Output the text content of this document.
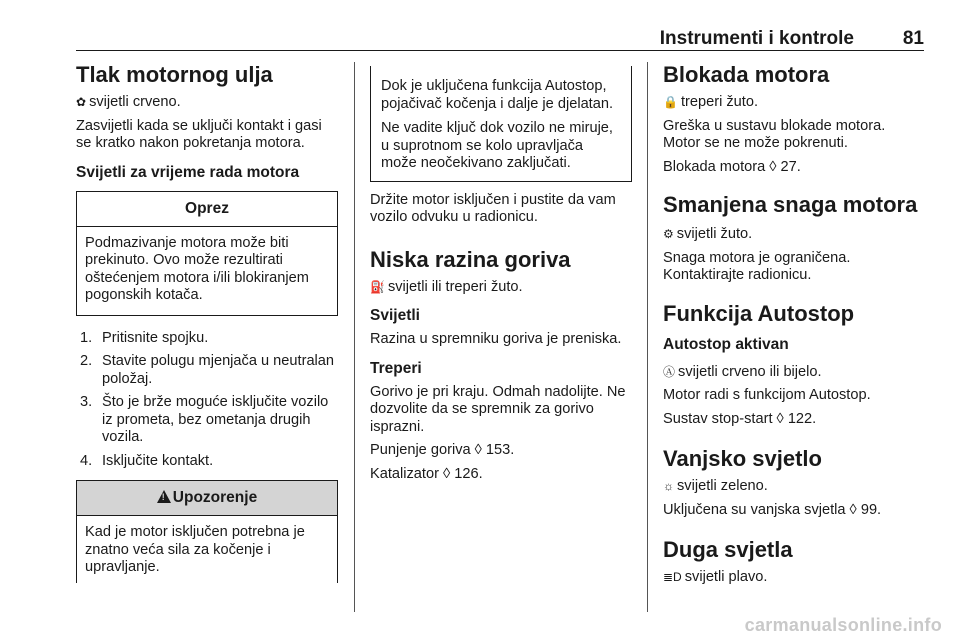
Instrumenti i kontrole	81
Tlak motornog ulja

✿ svijetli crveno.

Zasvijetli kada se uključi kontakt i gasi se kratko nakon pokretanja motora.

Svijetli za vrijeme rada motora
Oprez

Podmazivanje motora može biti prekinuto. Ovo može rezultirati oštećenjem motora i/ili blokiranjem pogonskih kotača.

1. Pritisnite spojku.
2. Stavite polugu mjenjača u neutralan položaj.
3. Što je brže moguće isključite vozilo iz prometa, bez ometanja drugih vozila.
4. Isključite kontakt.
!Upozorenje

Kad je motor isključen potrebna je znatno veća sila za kočenje i upravljanje.

Dok je uključena funkcija Autostop, pojačivač kočenja i dalje je djelatan.

Ne vadite ključ dok vozilo ne miruje, u suprotnom se kolo upravljača može neočekivano zaključati.

Držite motor isključen i pustite da vam vozilo odvuku u radionicu.

Niska razina goriva

⛽ svijetli ili treperi žuto.

Svijetli

Razina u spremniku goriva je preniska.

Treperi

Gorivo je pri kraju. Odmah nadolijte. Ne dozvolite da se spremnik za gorivo isprazni.

Punjenje goriva ◊ 153.

Katalizator ◊ 126.

Blokada motora

🔒 treperi žuto.

Greška u sustavu blokade motora. Motor se ne može pokrenuti.

Blokada motora ◊ 27.

Smanjena snaga motora

⚙ svijetli žuto.

Snaga motora je ograničena. Kontaktirajte radionicu.

Funkcija Autostop
Autostop aktivan

Ⓐ svijetli crveno ili bijelo.

Motor radi s funkcijom Autostop.

Sustav stop-start ◊ 122.

Vanjsko svjetlo

☼ svijetli zeleno.

Uključena su vanjska svjetla ◊ 99.

Duga svjetla

≣D svijetli plavo.

carmanualsonline.info
